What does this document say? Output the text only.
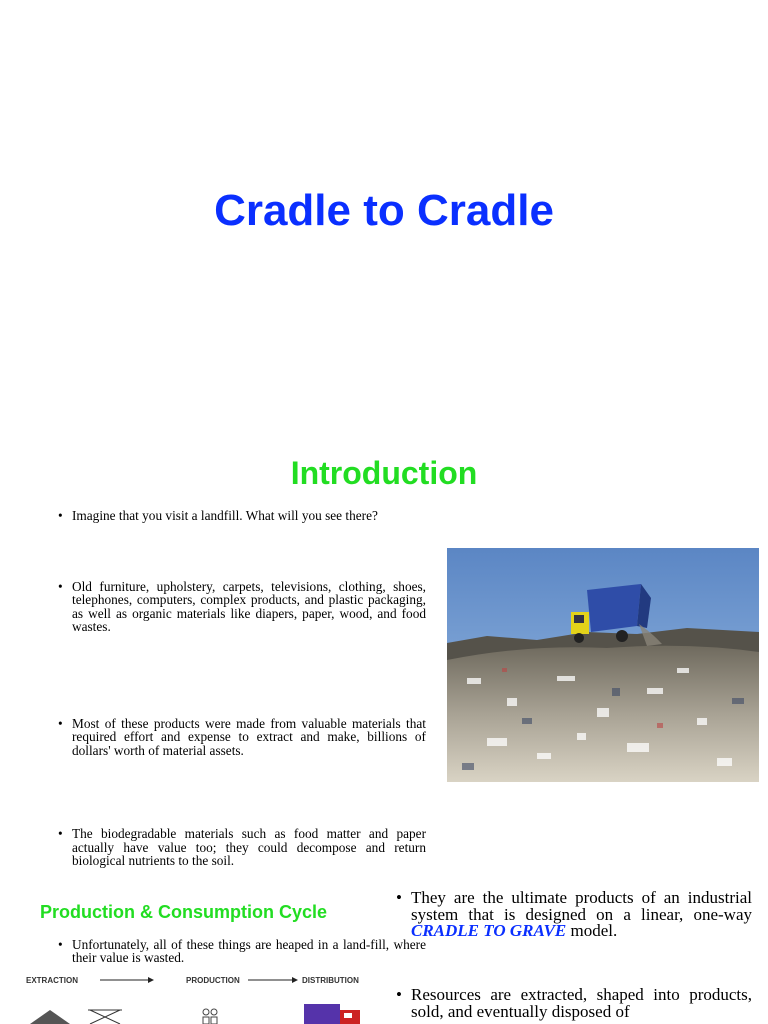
Cradle to Cradle
Introduction
• Imagine that you visit a landfill. What will you see there?
• Old furniture, upholstery, carpets, televisions, clothing, shoes, telephones, computers, complex products, and plastic packaging, as well as organic materials like diapers, paper, wood, and food wastes.
• Most of these products were made from valuable materials that required effort and expense to extract and make, billions of dollars' worth of material assets.
• The biodegradable materials such as food matter and paper actually have value too; they could decompose and return biological nutrients to the soil.
• Unfortunately, all of these things are heaped in a land-fill, where their value is wasted.
Production & Consumption Cycle
• They are the ultimate products of an industrial system that is designed on a linear, one-way CRADLE TO GRAVE model.
• Resources are extracted, shaped into products, sold, and eventually disposed of
EXTRACTION	PRODUCTION	DISTRIBUTION
